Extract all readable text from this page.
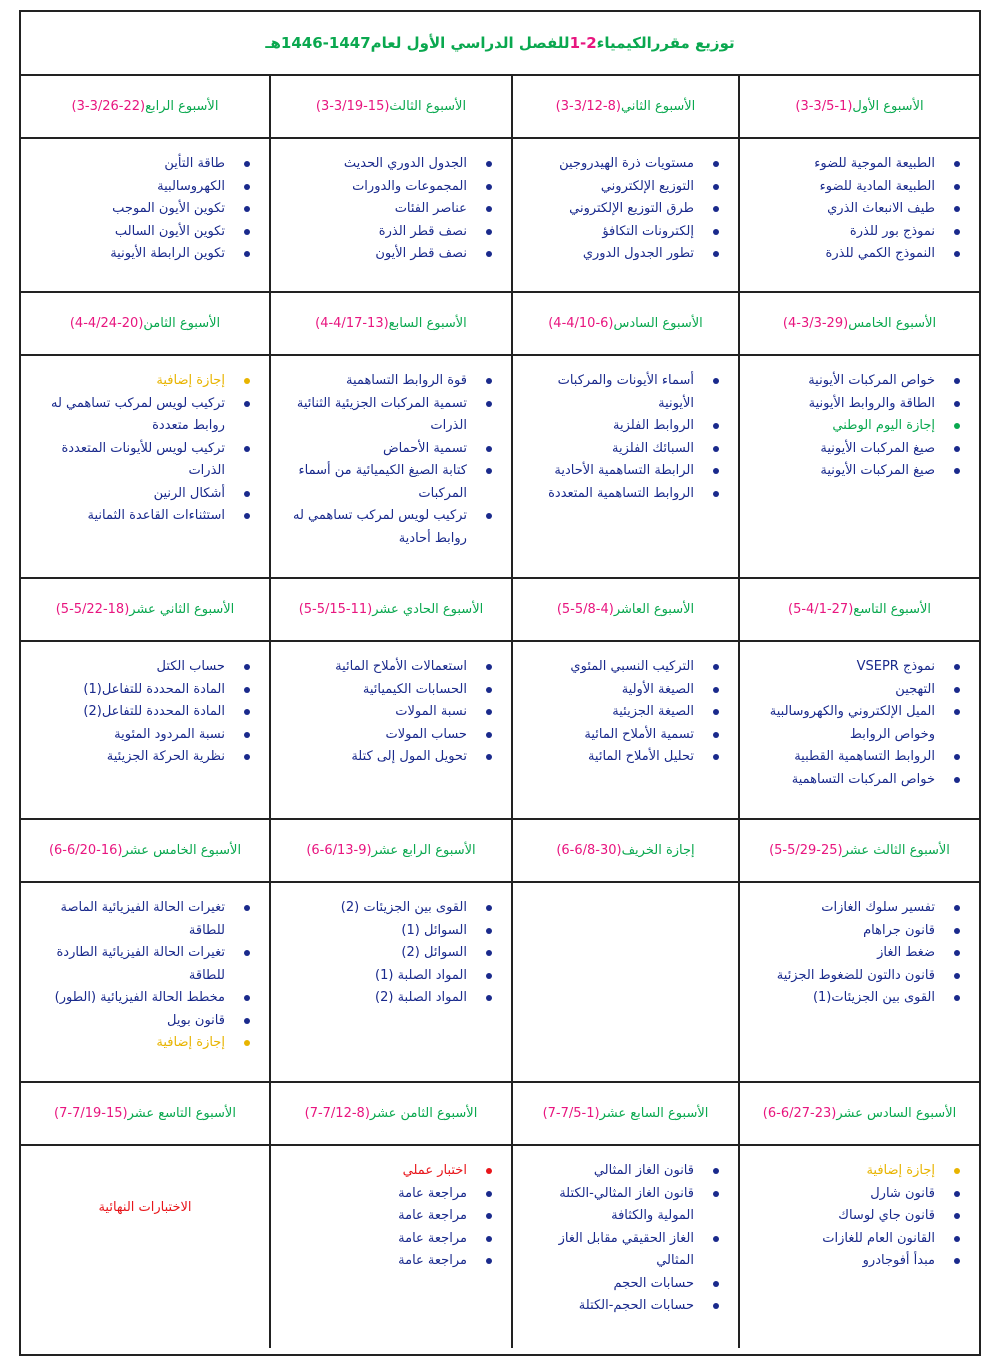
توزيع مقرر
الكيمياء
1-2
للفصل الدراسي الأول لعام
1446-1447هـ
الأسبوع الأول
(3-3/5-1)
الأسبوع الثاني
(3-3/12-8)
الأسبوع الثالث
(3-3/19-15)
الأسبوع الرابع
(3-3/26-22)
الطبيعة الموجية للضوء
الطبيعة المادية للضوء
طيف الانبعاث الذري
نموذج بور للذرة
النموذج الكمي للذرة
مستويات ذرة الهيدروجين
التوزيع الإلكتروني
طرق التوزيع الإلكتروني
إلكترونات التكافؤ
تطور الجدول الدوري
الجدول الدوري الحديث
المجموعات والدورات
عناصر الفئات
نصف قطر الذرة
نصف قطر الأيون
طاقة التأين
الكهروسالبية
تكوين الأيون الموجب
تكوين الأيون السالب
تكوين الرابطة الأيونية
الأسبوع الخامس
(4-3/3-29)
الأسبوع السادس
(4-4/10-6)
الأسبوع السابع
(4-4/17-13)
الأسبوع الثامن
(4-4/24-20)
خواص المركبات الأيونية
الطاقة والروابط الأيونية
إجازة اليوم الوطني
صيغ المركبات الأيونية
صيغ المركبات الأيونية
أسماء الأيونات والمركبات الأيونية
الروابط الفلزية
السبائك الفلزية
الرابطة التساهمية الأحادية
الروابط التساهمية المتعددة
قوة الروابط التساهمية
تسمية المركبات الجزيئية الثنائية الذرات
تسمية الأحماض
كتابة الصيغ الكيميائية من أسماء المركبات
تركيب لويس لمركب تساهمي له روابط أحادية
إجازة إضافية
تركيب لويس لمركب تساهمي له روابط متعددة
تركيب لويس للأيونات المتعددة الذرات
أشكال الرنين
استثناءات القاعدة الثمانية
الأسبوع التاسع
(5-4/1-27)
الأسبوع العاشر
(5-5/8-4)
الأسبوع الحادي عشر
(5-5/15-11)
الأسبوع الثاني عشر
(5-5/22-18)
نموذج VSEPR
التهجين
الميل الإلكتروني والكهروسالبية وخواص الروابط
الروابط التساهمية القطبية
خواص المركبات التساهمية
التركيب النسبي المئوي
الصيغة الأولية
الصيغة الجزيئية
تسمية الأملاح المائية
تحليل الأملاح المائية
استعمالات الأملاح المائية
الحسابات الكيميائية
نسبة المولات
حساب المولات
تحويل المول إلى كتلة
حساب الكتل
المادة المحددة للتفاعل(1)
المادة المحددة للتفاعل(2)
نسبة المردود المئوية
نظرية الحركة الجزيئية
الأسبوع الثالث عشر
(5-5/29-25)
إجازة الخريف
(6-6/8-30)
الأسبوع الرابع عشر
(6-6/13-9)
الأسبوع الخامس عشر
(6-6/20-16)
تفسير سلوك الغازات
قانون جراهام
ضغط الغاز
قانون دالتون للضغوط الجزئية
القوى بين الجزيئات(1)
القوى بين الجزيئات (2)
السوائل (1)
السوائل (2)
المواد الصلبة (1)
المواد الصلبة (2)
تغيرات الحالة الفيزيائية الماصة للطاقة
تغيرات الحالة الفيزيائية الطاردة للطاقة
مخطط الحالة الفيزيائية (الطور)
قانون بويل
إجازة إضافية
الأسبوع السادس عشر
(6-6/27-23)
الأسبوع السابع عشر
(7-7/5-1)
الأسبوع الثامن عشر
(7-7/12-8)
الأسبوع التاسع عشر
(7-7/19-15)
إجازة إضافية
قانون شارل
قانون جاي لوساك
القانون العام للغازات
مبدأ أفوجادرو
قانون الغاز المثالي
قانون الغاز المثالي-الكتلة المولية والكثافة
الغاز الحقيقي مقابل الغاز المثالي
حسابات الحجم
حسابات الحجم-الكتلة
اختبار عملي
مراجعة عامة
مراجعة عامة
مراجعة عامة
مراجعة عامة
الاختبارات النهائية
